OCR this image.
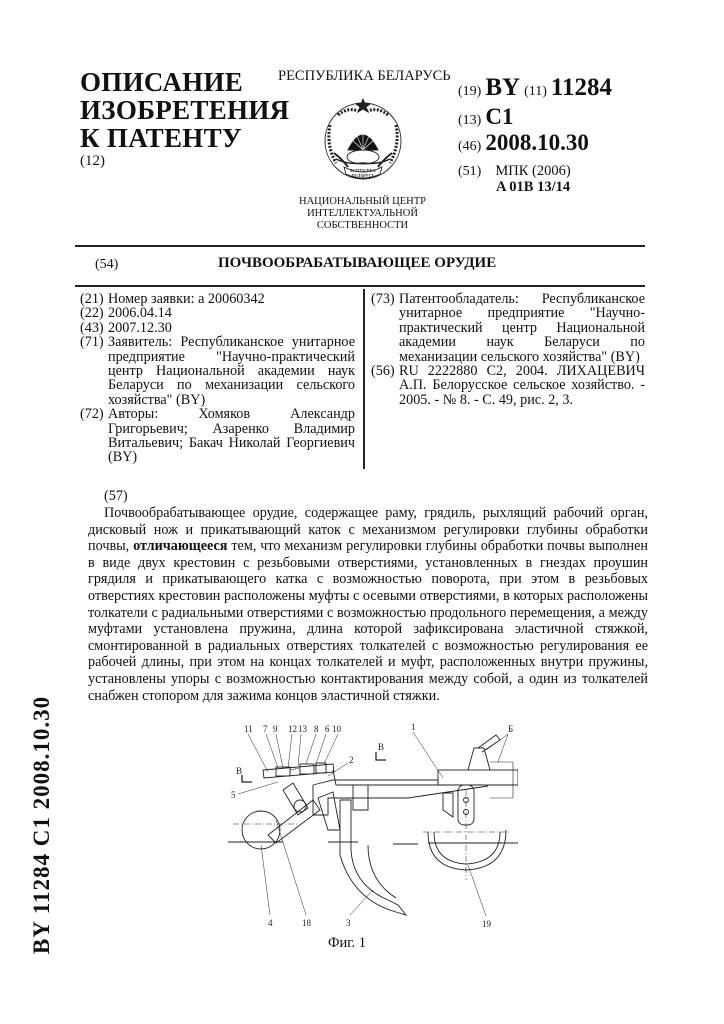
ОПИСАНИЕ
ИЗОБРЕТЕНИЯ
К ПАТЕНТУ
(12)
РЕСПУБЛИКА БЕЛАРУСЬ
ЕСПУБЛІКА
БЕЛАРУСЬ
НАЦИОНАЛЬНЫЙ ЦЕНТР
ИНТЕЛЛЕКТУАЛЬНОЙ
СОБСТВЕННОСТИ
(19) BY (11) 11284
(13) C1
(46) 2008.10.30
(51) МПК (2006)
A 01B 13/14
(54)	ПОЧВООБРАБАТЫВАЮЩЕЕ ОРУДИЕ
(21) Номер заявки: a 20060342
(22) 2006.04.14
(43) 2007.12.30
(71) Заявитель: Республиканское унитарное предприятие "Научно-практический центр Национальной академии наук Беларуси по механизации сельского хозяйства" (BY)
(72) Авторы: Хомяков Александр Григорьевич; Азаренко Владимир Витальевич; Бакач Николай Георгиевич (BY)
(73) Патентообладатель: Республиканское унитарное предприятие "Научно-практический центр Национальной академии наук Беларуси по механизации сельского хозяйства" (BY)
(56) RU 2222880 C2, 2004. ЛИХАЦЕВИЧ А.П. Белорусское сельское хозяйство. - 2005. - № 8. - С. 49, рис. 2, 3.
(57)
Почвообрабатывающее орудие, содержащее раму, грядиль, рыхлящий рабочий орган, дисковый нож и прикатывающий каток с механизмом регулировки глубины обработки почвы, отличающееся тем, что механизм регулировки глубины обработки почвы выполнен в виде двух крестовин с резьбовыми отверстиями, установленных в гнездах проушин грядиля и прикатывающего катка с возможностью поворота, при этом в резьбовых отверстиях крестовин расположены муфты с осевыми отверстиями, в которых расположены толкатели с радиальными отверстиями с возможностью продольного перемещения, а между муфтами установлена пружина, длина которой зафиксирована эластичной стяжкой, смонтированной в радиальных отверстиях толкателей с возможностью регулирования ее рабочей длины, при этом на концах толкателей и муфт, расположенных внутри пружины, установлены упоры с возможностью контактирования между собой, а один из толкателей снабжен стопором для зажима концов эластичной стяжки.
BY 11284 C1 2008.10.30	11 7 9 12 13 8 6 10
2
1	Б
5
4	18	3	19
В
В
Фиг. 1
